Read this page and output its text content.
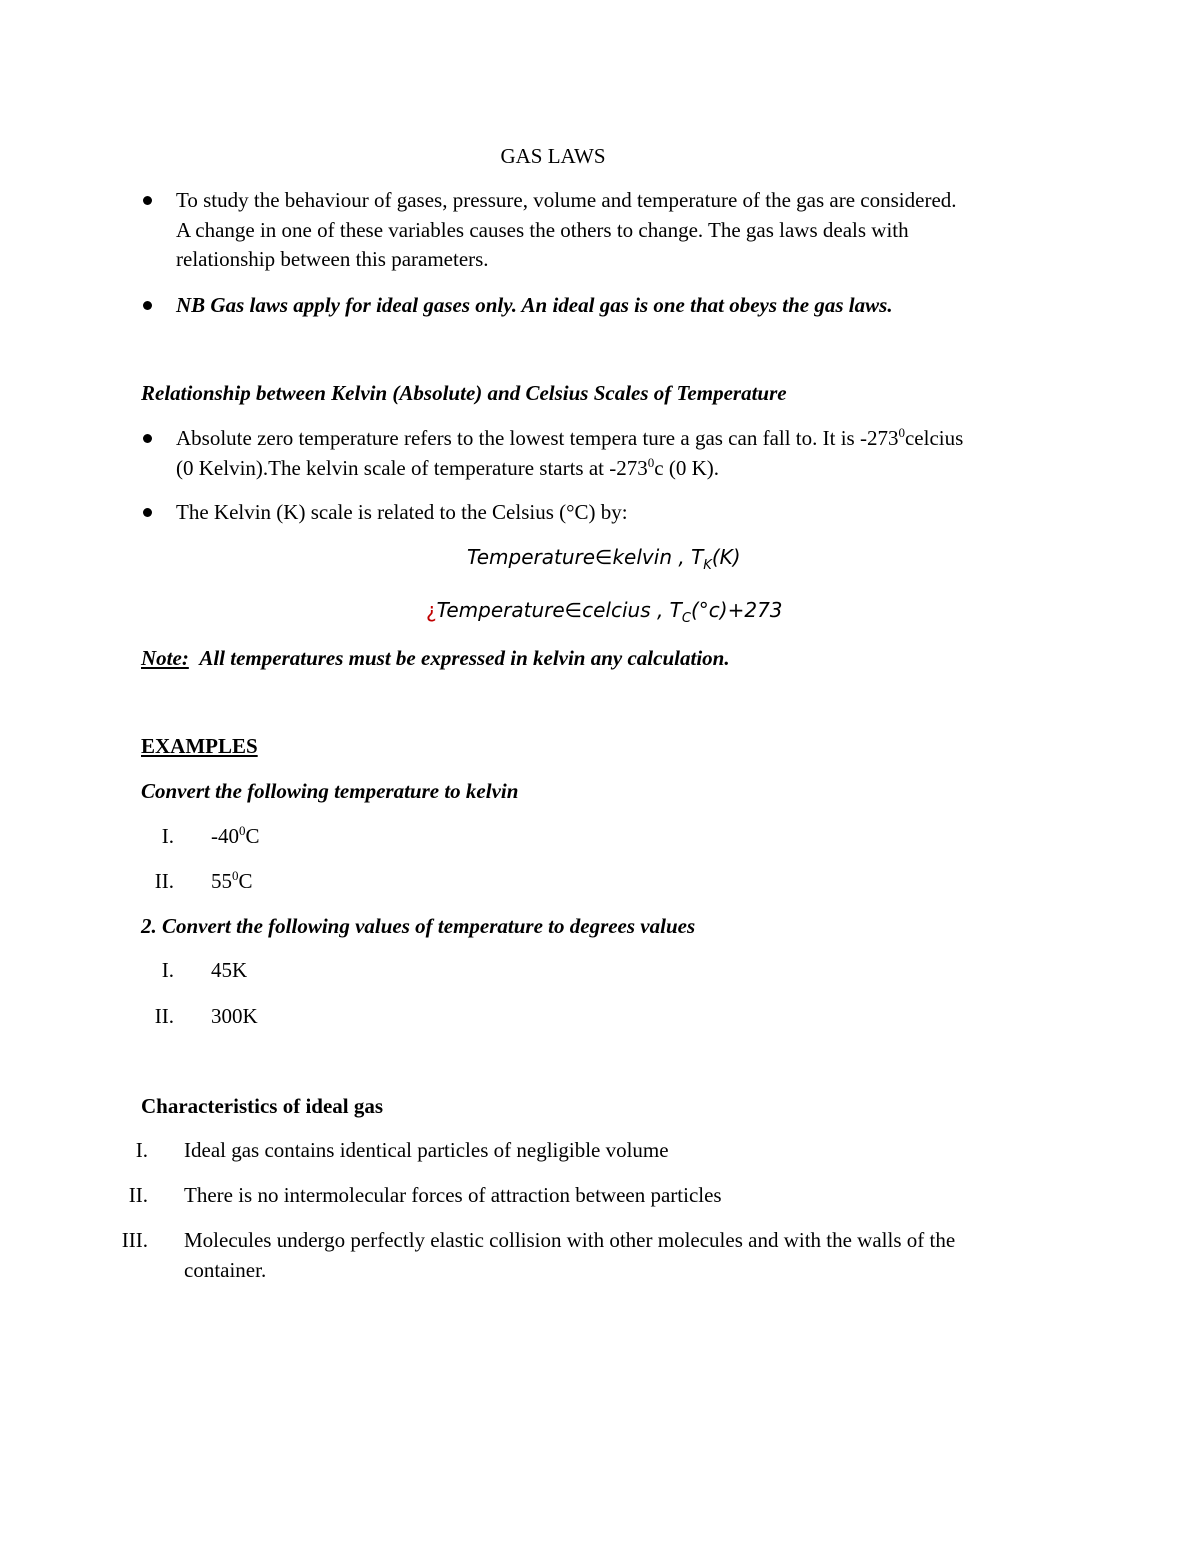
GAS LAWS
To study the behaviour of gases, pressure, volume and temperature of the gas are considered.
A change in one of these variables causes the others to change. The gas laws deals with
relationship between this parameters.
NB Gas laws apply for ideal gases only. An ideal gas is one that obeys the gas laws.
Relationship between Kelvin (Absolute) and Celsius Scales of Temperature
Absolute zero temperature refers to the lowest tempera ture a gas can fall to. It is $-273^0celcius$
(0 Kelvin).The kelvin scale of temperature starts at $-273^0c$ (0 K).
The Kelvin (K) scale is related to the Celsius (°C) by:
Temperature∈kelvin , $T_K(K)$
¿Temperature∈celcius , $T_C(^\circ c)+273$
Note: All temperatures must be expressed in kelvin any calculation.
EXAMPLES
Convert the following temperature to kelvin
I. $-40^0C$
II. $55^0C$
2. Convert the following values of temperature to degrees values
I. 45K
II. 300K
Characteristics of ideal gas
I. Ideal gas contains identical particles of negligible volume
II. There is no intermolecular forces of attraction between particles
III. Molecules undergo perfectly elastic collision with other molecules and with the walls of the
container.
